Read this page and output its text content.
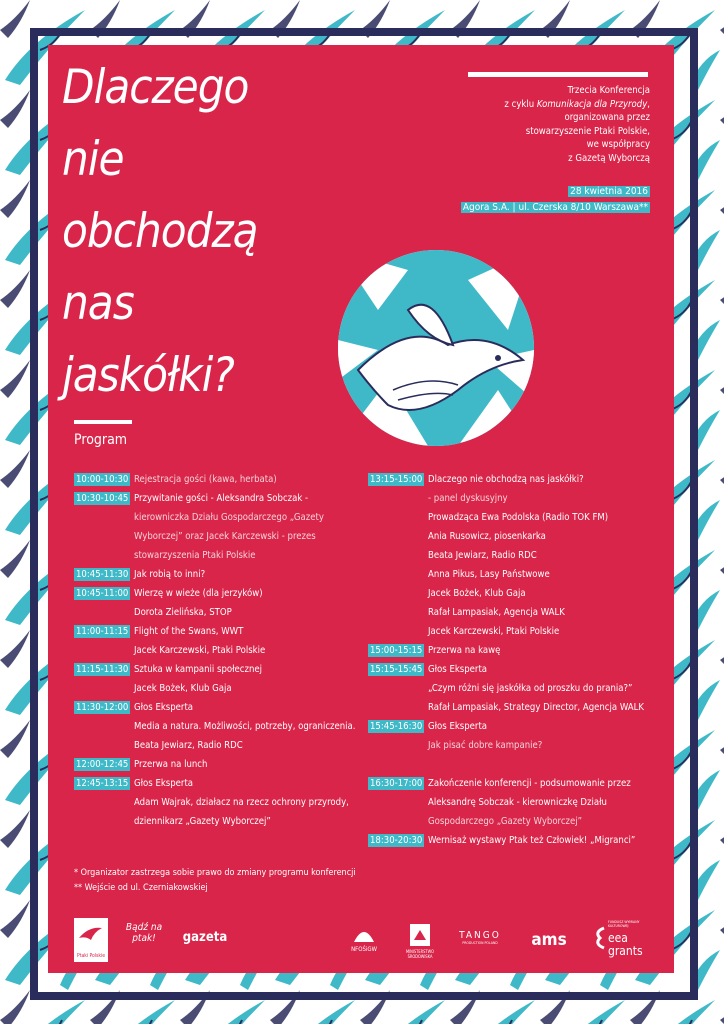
Dlaczego
nie
obchodzą
nas
jaskółki?
Trzecia Konferencja
z cyklu Komunikacja dla Przyrody,
organizowana przez
stowarzyszenie Ptaki Polskie,
we współpracy
z Gazetą Wyborczą
28 kwietnia 2016
Agora S.A. | ul. Czerska 8/10 Warszawa**
Program
10:00-10:30 Rejestracja gości (kawa, herbata)
10:30-10:45 Przywitanie gości - Aleksandra Sobczak -
kierowniczka Działu Gospodarczego „Gazety
Wyborczej” oraz Jacek Karczewski - prezes
stowarzyszenia Ptaki Polskie
10:45-11:30 Jak robią to inni?
10:45-11:00 Wierzę w wieże (dla jerzyków)
Dorota Zielińska, STOP
11:00-11:15 Flight of the Swans, WWT
Jacek Karczewski, Ptaki Polskie
11:15-11:30 Sztuka w kampanii społecznej
Jacek Bożek, Klub Gaja
11:30-12:00 Głos Eksperta
Media a natura. Możliwości, potrzeby, ograniczenia.
Beata Jewiarz, Radio RDC
12:00-12:45 Przerwa na lunch
12:45-13:15 Głos Eksperta
Adam Wajrak, działacz na rzecz ochrony przyrody,
dziennikarz „Gazety Wyborczej”
13:15-15:00 Dlaczego nie obchodzą nas jaskółki?
- panel dyskusyjny
Prowadząca Ewa Podolska (Radio TOK FM)
Ania Rusowicz, piosenkarka
Beata Jewiarz, Radio RDC
Anna Pikus, Lasy Państwowe
Jacek Bożek, Klub Gaja
Rafał Lampasiak, Agencja WALK
Jacek Karczewski, Ptaki Polskie
15:00-15:15 Przerwa na kawę
15:15-15:45 Głos Eksperta
„Czym różni się jaskółka od proszku do prania?”
Rafał Lampasiak, Strategy Director, Agencja WALK
15:45-16:30 Głos Eksperta
Jak pisać dobre kampanie?
16:30-17:00 Zakończenie konferencji - podsumowanie przez
Aleksandrę Sobczak - kierowniczkę Działu
Gospodarczego „Gazety Wyborczej”
18:30-20:30 Wernisaż wystawy Ptak też Człowiek! „Migranci”
* Organizator zastrzega sobie prawo do zmiany programu konferencji
** Wejście od ul. Czerniakowskiej
Ptaki Polskie
Bądź na ptak!	gazeta
NFOŚiGW	MINISTERSTWO ŚRODOWISKA
TANGO
PRODUCTION POLAND	ams
FUNDUSZ WYMIANY KULTUROWEJ
eea grants
